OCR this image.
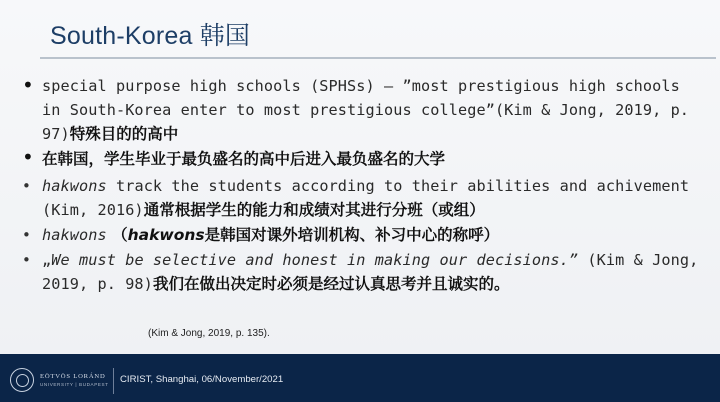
South-Korea 韩国

• special purpose high schools (SPHSs) – ”most prestigious high schools in South-Korea enter to most prestigious college”(Kim & Jong, 2019, p. 97)特殊目的的高中

• 在韩国，学生毕业于最负盛名的高中后进入最负盛名的大学

• hakwons track the students according to their abilities and achivement (Kim, 2016)通常根据学生的能力和成绩对其进行分班（或组）

• hakwons （hakwons是韩国对课外培训机构、补习中心的称呼）

• „We must be selective and honest in making our decisions.” (Kim & Jong, 2019, p. 98)我们在做出决定时必须是经过认真思考并且诚实的。

(Kim & Jong, 2019, p. 135).
EÖTVÖS LORÁND
UNIVERSITY | BUDAPEST CIRIST, Shanghai, 06/November/2021
